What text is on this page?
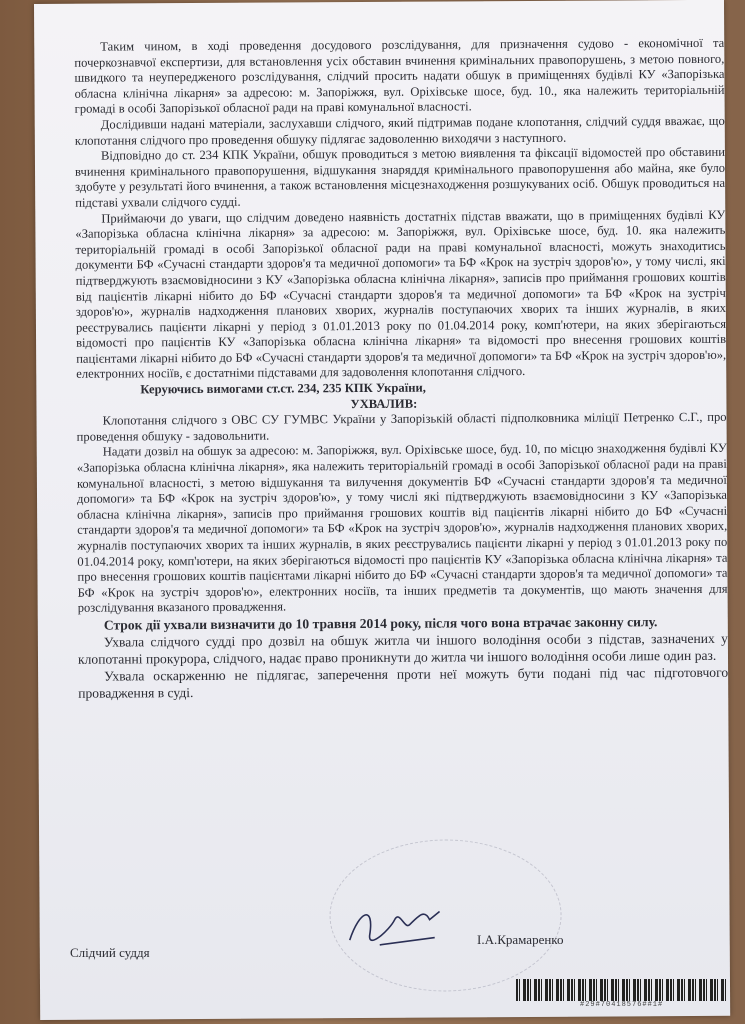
Таким чином, в ході проведення досудового розслідування, для призначення судово - економічної та почеркознавчої експертизи, для встановлення усіх обставин вчинення кримінальних правопорушень, з метою повного, швидкого та неупередженого розслідування, слідчий просить надати обшук в приміщеннях будівлі КУ «Запорізька обласна клінічна лікарня» за адресою: м. Запоріжжя, вул. Оріхівське шосе, буд. 10., яка належить територіальній громаді в особі Запорізької обласної ради на праві комунальної власності.

Дослідивши надані матеріали, заслухавши слідчого, який підтримав подане клопотання, слідчий суддя вважає, що клопотання слідчого про проведення обшуку підлягає задоволенню виходячи з наступного.

Відповідно до ст. 234 КПК України, обшук проводиться з метою виявлення та фіксації відомостей про обставини вчинення кримінального правопорушення, відшукання знаряддя кримінального правопорушення або майна, яке було здобуте у результаті його вчинення, а також встановлення місцезнаходження розшукуваних осіб. Обшук проводиться на підставі ухвали слідчого судді.

Приймаючи до уваги, що слідчим доведено наявність достатніх підстав вважати, що в приміщеннях будівлі КУ «Запорізька обласна клінічна лікарня» за адресою: м. Запоріжжя, вул. Оріхівське шосе, буд. 10. яка належить територіальній громаді в особі Запорізької обласної ради на праві комунальної власності, можуть знаходитись документи БФ «Сучасні стандарти здоров'я та медичної допомоги» та БФ «Крок на зустріч здоров'ю», у тому числі, які підтверджують взаємовідносини з КУ «Запорізька обласна клінічна лікарня», записів про приймання грошових коштів від пацієнтів лікарні нібито до БФ «Сучасні стандарти здоров'я та медичної допомоги» та БФ «Крок на зустріч здоров'ю», журналів надходження планових хворих, журналів поступаючих хворих та інших журналів, в яких реєструвались пацієнти лікарні у період з 01.01.2013 року по 01.04.2014 року, комп'ютери, на яких зберігаються відомості про пацієнтів КУ «Запорізька обласна клінічна лікарня» та відомості про внесення грошових коштів пацієнтами лікарні нібито до БФ «Сучасні стандарти здоров'я та медичної допомоги» та БФ «Крок на зустріч здоров'ю», електронних носіїв, є достатніми підставами для задоволення клопотання слідчого.

Керуючись вимогами ст.ст. 234, 235 КПК України,
УХВАЛИВ:

Клопотання слідчого з ОВС СУ ГУМВС України у Запорізькій області підполковника міліції Петренко С.Г., про проведення обшуку - задовольнити.

Надати дозвіл на обшук за адресою: м. Запоріжжя, вул. Оріхівське шосе, буд. 10, по місцю знаходження будівлі КУ «Запорізька обласна клінічна лікарня», яка належить територіальній громаді в особі Запорізької обласної ради на праві комунальної власності, з метою відшукання та вилучення документів БФ «Сучасні стандарти здоров'я та медичної допомоги» та БФ «Крок на зустріч здоров'ю», у тому числі які підтверджують взаємовідносини з КУ «Запорізька обласна клінічна лікарня», записів про приймання грошових коштів від пацієнтів лікарні нібито до БФ «Сучасні стандарти здоров'я та медичної допомоги» та БФ «Крок на зустріч здоров'ю», журналів надходження планових хворих, журналів поступаючих хворих та інших журналів, в яких реєструвались пацієнти лікарні у період з 01.01.2013 року по 01.04.2014 року, комп'ютери, на яких зберігаються відомості про пацієнтів КУ «Запорізька обласна клінічна лікарня» та про внесення грошових коштів пацієнтами лікарні нібито до БФ «Сучасні стандарти здоров'я та медичної допомоги» та БФ «Крок на зустріч здоров'ю», електронних носіїв, та інших предметів та документів, що мають значення для розслідування вказаного провадження.

Строк дії ухвали визначити до 10 травня 2014 року, після чого вона втрачає законну силу.

Ухвала слідчого судді про дозвіл на обшук житла чи іншого володіння особи з підстав, зазначених у клопотанні прокурора, слідчого, надає право проникнути до житла чи іншого володіння особи лише один раз.

Ухвала оскарженню не підлягає, заперечення проти неї можуть бути подані під час підготовчого провадження в суді.

Слідчий суддя
І.А.Крамаренко
#29#70418576##1#
